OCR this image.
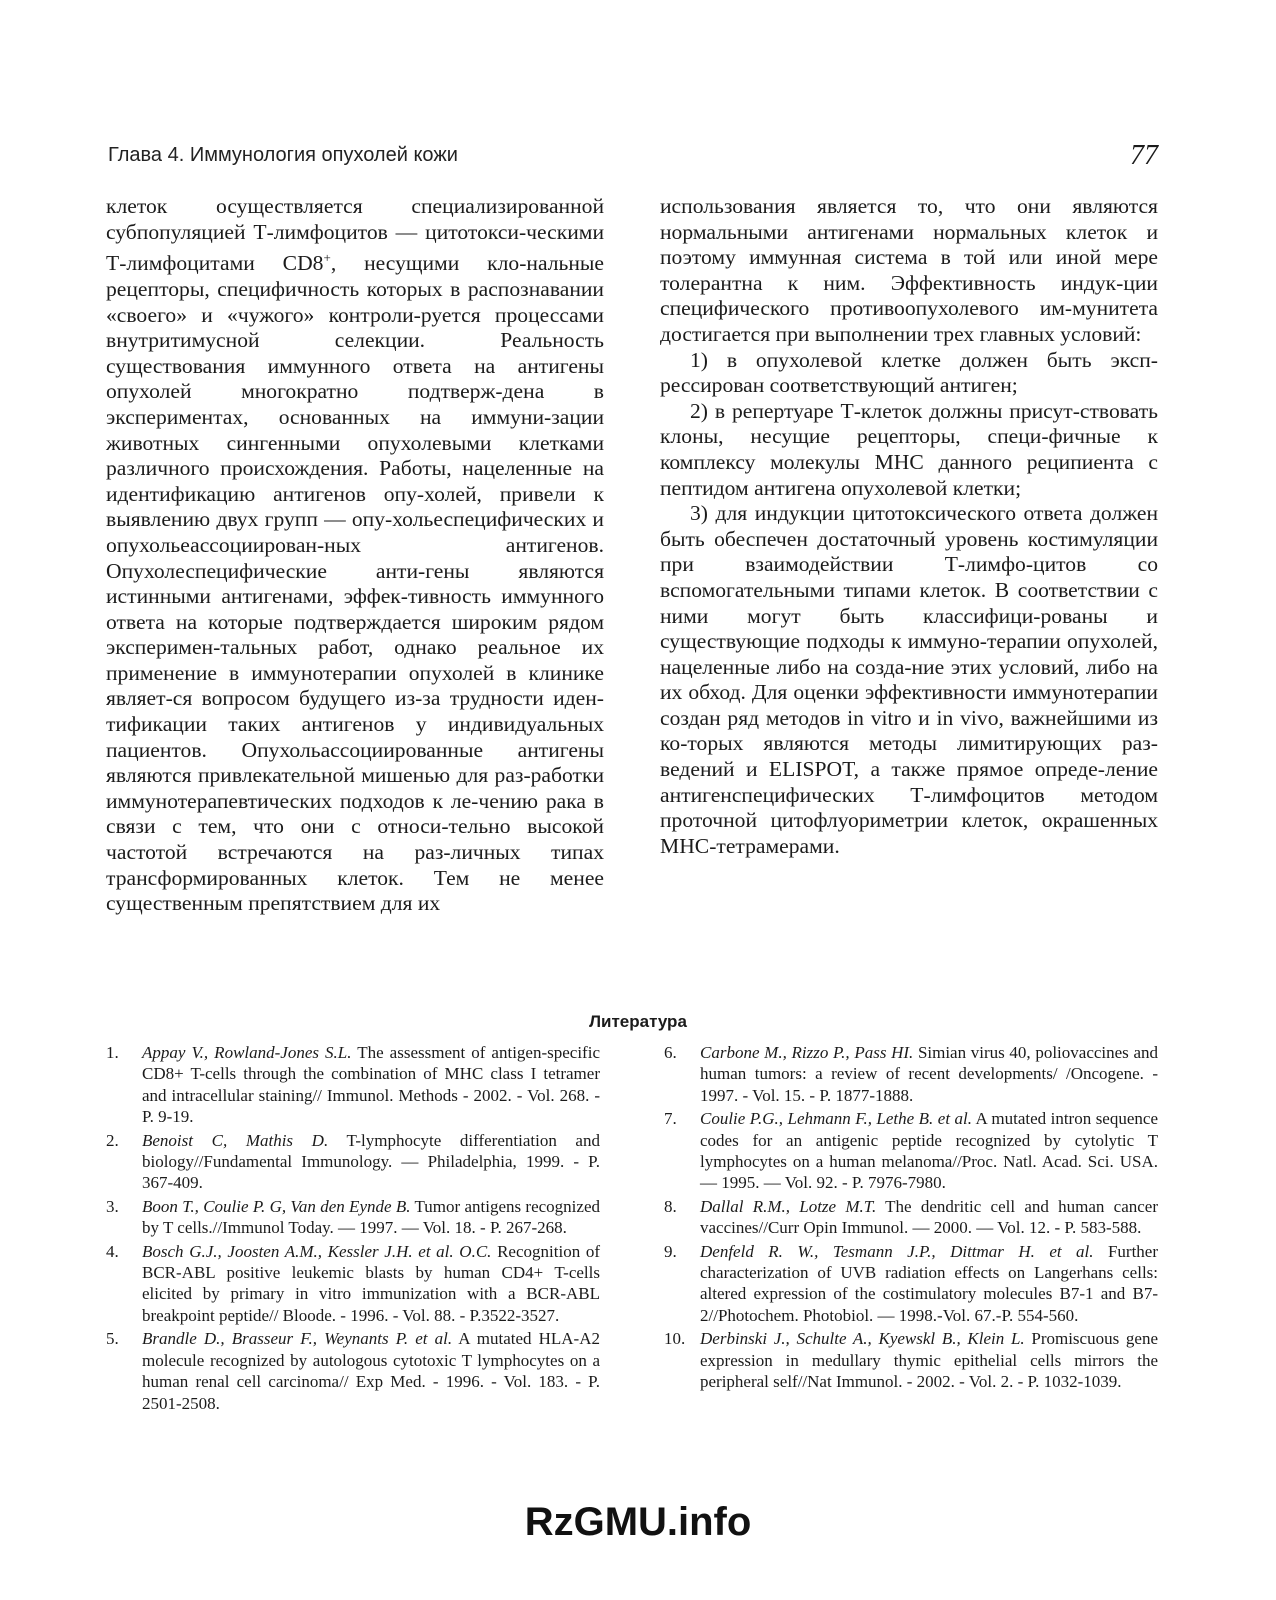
Глава 4. Иммунология опухолей кожи	77

клеток осуществляется специализированной субпопуляцией Т-лимфоцитов — цитотокси-ческими Т-лимфоцитами CD8+, несущими кло-нальные рецепторы, специфичность которых в распознавании «своего» и «чужого» контроли-руется процессами внутритимусной селекции. Реальность существования иммунного ответа на антигены опухолей многократно подтверж-дена в экспериментах, основанных на иммуни-зации животных сингенными опухолевыми клетками различного происхождения. Работы, нацеленные на идентификацию антигенов опу-холей, привели к выявлению двух групп — опу-хольеспецифических и опухольеассоциирован-ных антигенов. Опухолеспецифические анти-гены являются истинными антигенами, эффек-тивность иммунного ответа на которые подтверждается широким рядом эксперимен-тальных работ, однако реальное их применение в иммунотерапии опухолей в клинике являет-ся вопросом будущего из-за трудности иден-тификации таких антигенов у индивидуальных пациентов. Опухольассоциированные антигены являются привлекательной мишенью для раз-работки иммунотерапевтических подходов к ле-чению рака в связи с тем, что они с относи-тельно высокой частотой встречаются на раз-личных типах трансформированных клеток. Тем не менее существенным препятствием для их

использования является то, что они являются нормальными антигенами нормальных клеток и поэтому иммунная система в той или иной мере толерантна к ним. Эффективность индук-ции специфического противоопухолевого им-мунитета достигается при выполнении трех главных условий:

1) в опухолевой клетке должен быть эксп-рессирован соответствующий антиген;

2) в репертуаре Т-клеток должны присут-ствовать клоны, несущие рецепторы, специ-фичные к комплексу молекулы МНС данного реципиента с пептидом антигена опухолевой клетки;

3) для индукции цитотоксического ответа должен быть обеспечен достаточный уровень костимуляции при взаимодействии Т-лимфо-цитов со вспомогательными типами клеток. В соответствии с ними могут быть классифици-рованы и существующие подходы к иммуно-терапии опухолей, нацеленные либо на созда-ние этих условий, либо на их обход. Для оценки эффективности иммунотерапии создан ряд методов in vitro и in vivo, важнейшими из ко-торых являются методы лимитирующих раз-ведений и ELISPOT, а также прямое опреде-ление антигенспецифических Т-лимфоцитов методом проточной цитофлуориметрии клеток, окрашенных МНС-тетрамерами.

Литература
1.	Appay V., Rowland-Jones S.L. The assessment of antigen-specific CD8+ T-cells through the combination of MHC class I tetramer and intracellular staining// Immunol. Methods - 2002. - Vol. 268. - P. 9-19.
2.	Benoist C, Mathis D. T-lymphocyte differentiation and biology//Fundamental Immunology. — Philadelphia, 1999. - P. 367-409.
3.	Boon T., Coulie P. G, Van den Eynde B. Tumor antigens recognized by T cells.//Immunol Today. — 1997. — Vol. 18. - P. 267-268.
4.	Bosch G.J., Joosten A.M., Kessler J.H. et al. O.C. Recognition of BCR-ABL positive leukemic blasts by human CD4+ T-cells elicited by primary in vitro immunization with a BCR-ABL breakpoint peptide// Bloode. - 1996. - Vol. 88. - P.3522-3527.
5.	Brandle D., Brasseur F., Weynants P. et al. A mutated HLA-A2 molecule recognized by autologous cytotoxic T lymphocytes on a human renal cell carcinoma// Exp Med. - 1996. - Vol. 183. - P. 2501-2508.
6.	Carbone M., Rizzo P., Pass HI. Simian virus 40, poliovaccines and human tumors: a review of recent developments/ /Oncogene. - 1997. - Vol. 15. - P. 1877-1888.
7.	Coulie P.G., Lehmann F., Lethe B. et al. A mutated intron sequence codes for an antigenic peptide recognized by cytolytic T lymphocytes on a human melanoma//Proc. Natl. Acad. Sci. USA. — 1995. — Vol. 92. - P. 7976-7980.
8.	Dallal R.M., Lotze M.T. The dendritic cell and human cancer vaccines//Curr Opin Immunol. — 2000. — Vol. 12. - P. 583-588.
9.	Denfeld R. W., Tesmann J.P., Dittmar H. et al. Further characterization of UVB radiation effects on Langerhans cells: altered expression of the costimulatory molecules B7-1 and B7-2//Photochem. Photobiol. — 1998.-Vol. 67.-P. 554-560.
10. Derbinski J., Schulte A., Kyewskl B., Klein L. Promiscuous gene expression in medullary thymic epithelial cells mirrors the peripheral self//Nat Immunol. - 2002. - Vol. 2. - P. 1032-1039.
RzGMU.info
